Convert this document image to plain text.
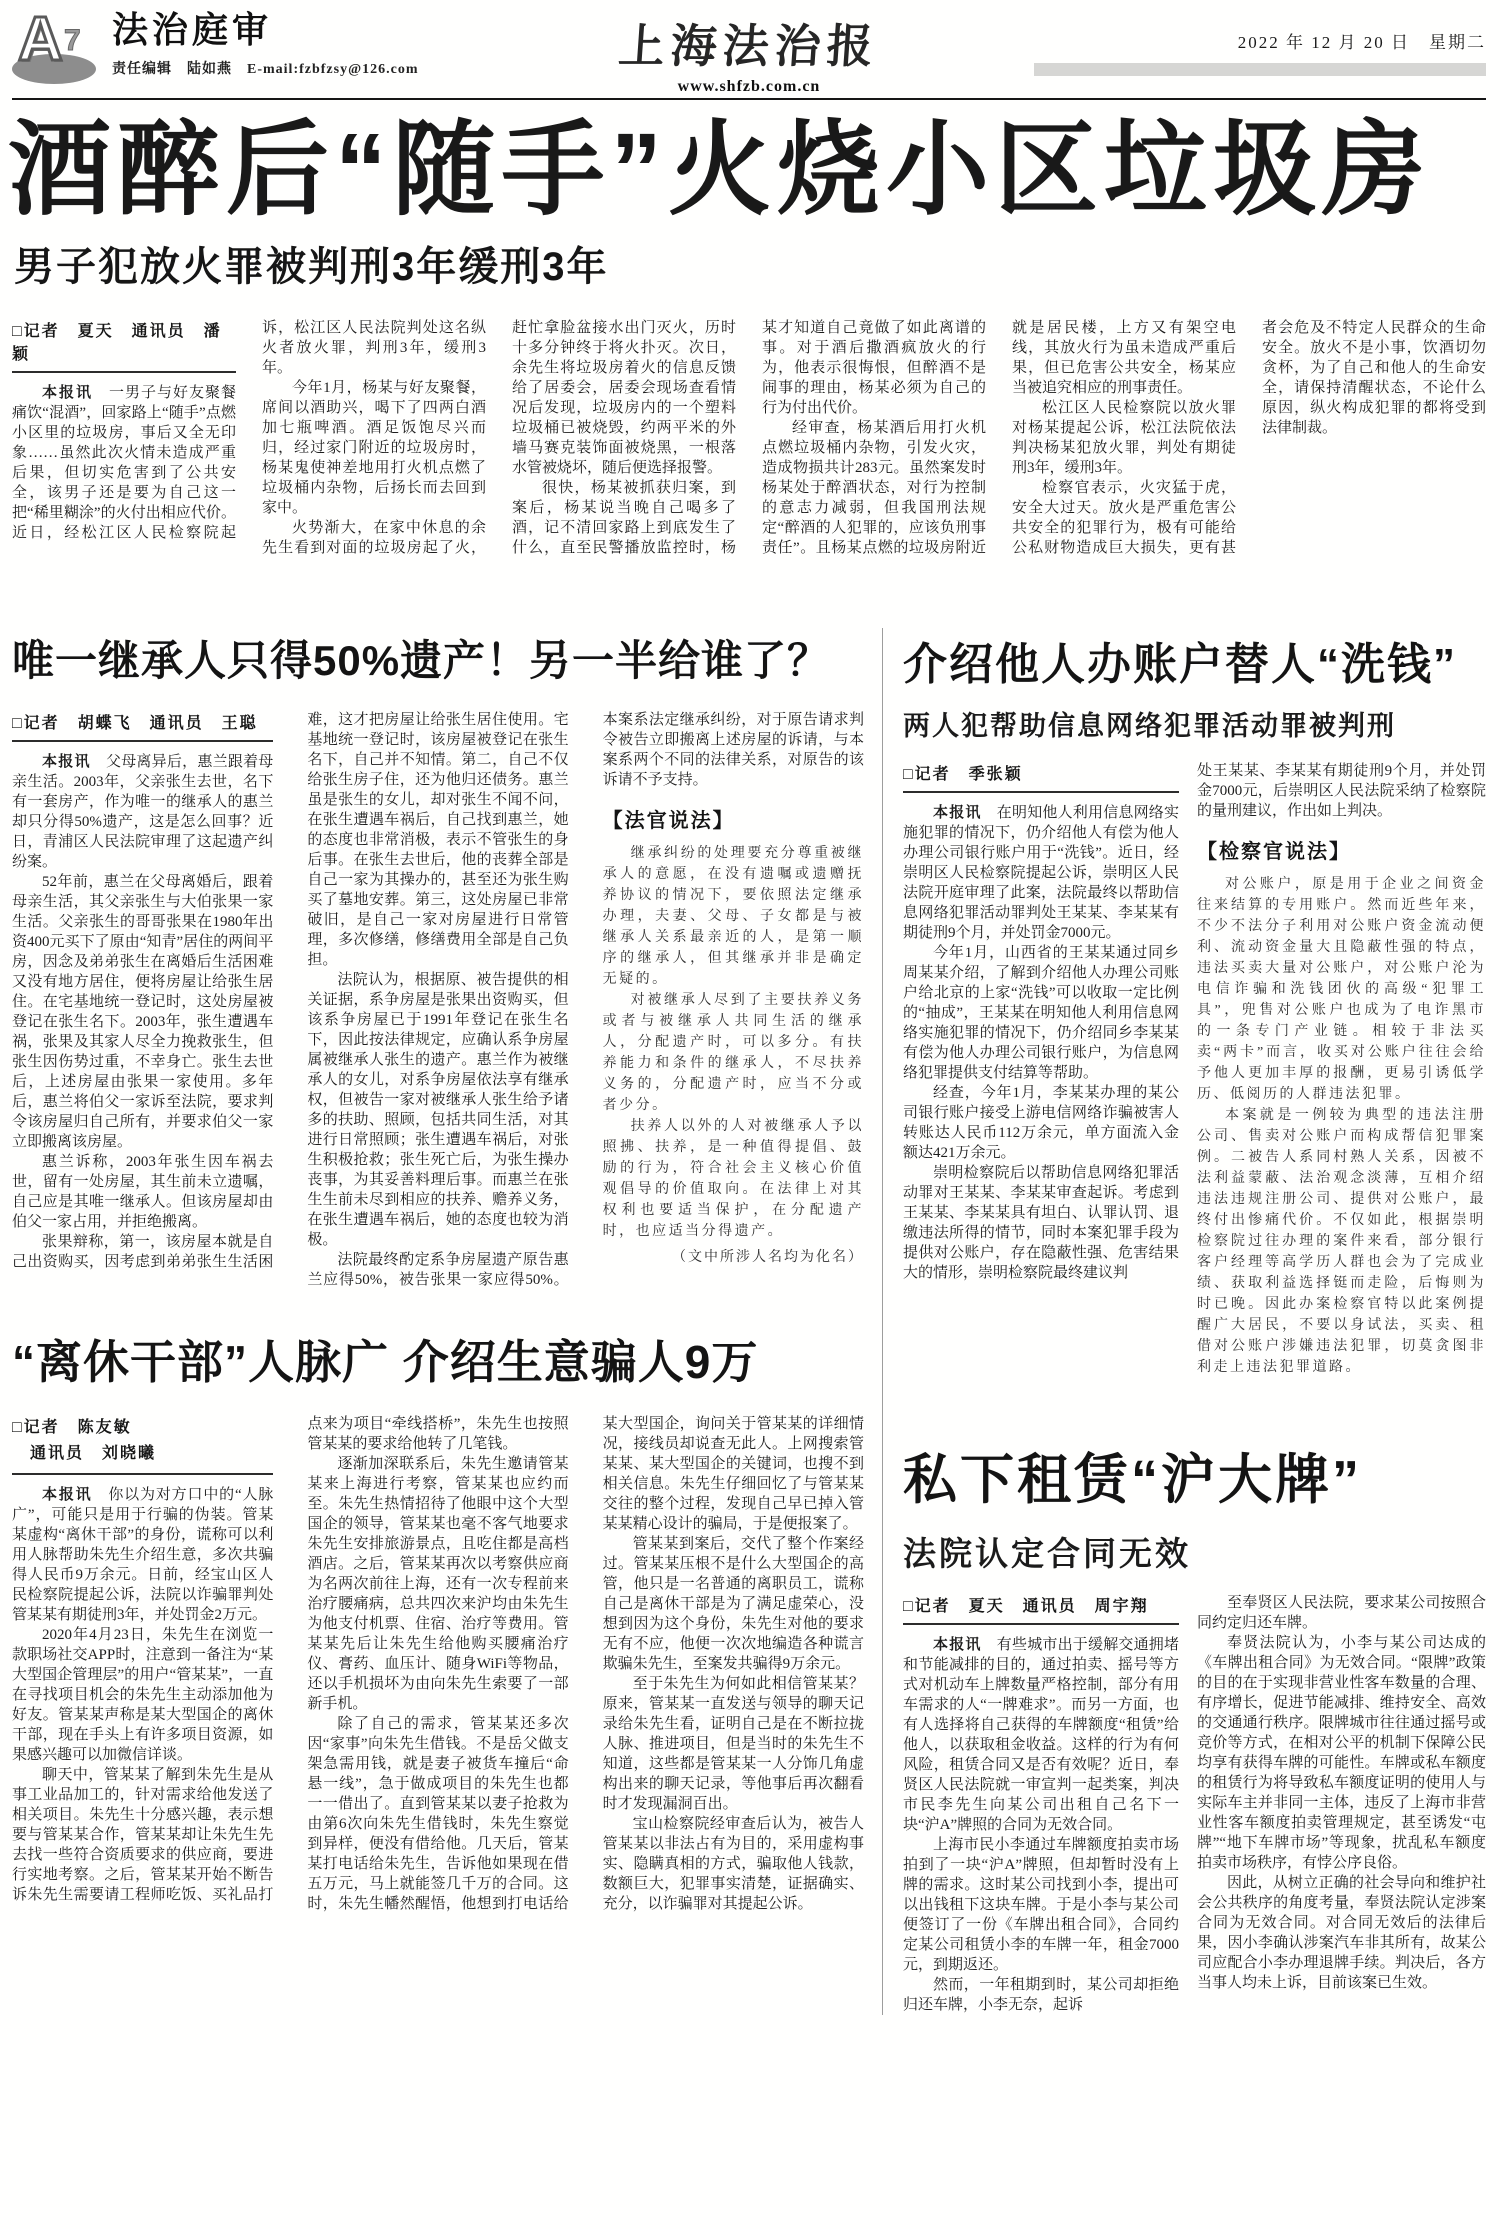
A 7 法治庭审
责任编辑　陆如燕　E-mail:fzbfzsy@126.com	上海法治报
www.shfzb.com.cn
2022 年 12 月 20 日　星期二
酒醉后“随手”火烧小区垃圾房
男子犯放火罪被判刑3年缓刑3年
□记者　夏天　通讯员　潘颖

本报讯　一男子与好友聚餐痛饮“混酒”，回家路上“随手”点燃小区里的垃圾房，事后又全无印象……虽然此次火情未造成严重后果，但切实危害到了公共安全，该男子还是要为自己这一把“稀里糊涂”的火付出相应代价。近日，经松江区人民检察院起诉，松江区人民法院判处这名纵火者放火罪，判刑3年，缓刑3年。

今年1月，杨某与好友聚餐，席间以酒助兴，喝下了四两白酒加七瓶啤酒。酒足饭饱尽兴而归，经过家门附近的垃圾房时，杨某鬼使神差地用打火机点燃了垃圾桶内杂物，后扬长而去回到家中。

火势渐大，在家中休息的余先生看到对面的垃圾房起了火，赶忙拿脸盆接水出门灭火，历时十多分钟终于将火扑灭。次日，余先生将垃圾房着火的信息反馈给了居委会，居委会现场查看情况后发现，垃圾房内的一个塑料垃圾桶已被烧毁，约两平米的外墙马赛克装饰面被烧黑，一根落水管被烧坏，随后便选择报警。

很快，杨某被抓获归案，到案后，杨某说当晚自己喝多了酒，记不清回家路上到底发生了什么，直至民警播放监控时，杨某才知道自己竟做了如此离谱的事。对于酒后撒酒疯放火的行为，他表示很悔恨，但醉酒不是闹事的理由，杨某必须为自己的行为付出代价。

经审查，杨某酒后用打火机点燃垃圾桶内杂物，引发火灾，造成物损共计283元。虽然案发时杨某处于醉酒状态，对行为控制的意志力减弱，但我国刑法规定“醉酒的人犯罪的，应该负刑事责任”。且杨某点燃的垃圾房附近就是居民楼，上方又有架空电线，其放火行为虽未造成严重后果，但已危害公共安全，杨某应当被追究相应的刑事责任。

松江区人民检察院以放火罪对杨某提起公诉，松江法院依法判决杨某犯放火罪，判处有期徒刑3年，缓刑3年。

检察官表示，火灾猛于虎，安全大过天。放火是严重危害公共安全的犯罪行为，极有可能给公私财物造成巨大损失，更有甚者会危及不特定人民群众的生命安全。放火不是小事，饮酒切勿贪杯，为了自己和他人的生命安全，请保持清醒状态，不论什么原因，纵火构成犯罪的都将受到法律制裁。

唯一继承人只得50%遗产！另一半给谁了？
□记者　胡蝶飞　通讯员　王聪

本报讯　父母离异后，惠兰跟着母亲生活。2003年，父亲张生去世，名下有一套房产，作为唯一的继承人的惠兰却只分得50%遗产，这是怎么回事？近日，青浦区人民法院审理了这起遗产纠纷案。

52年前，惠兰在父母离婚后，跟着母亲生活，其父亲张生与大伯张果一家生活。父亲张生的哥哥张果在1980年出资400元买下了原由“知青”居住的两间平房，因念及弟弟张生在离婚后生活困难又没有地方居住，便将房屋让给张生居住。在宅基地统一登记时，这处房屋被登记在张生名下。2003年，张生遭遇车祸，张果及其家人尽全力挽救张生，但张生因伤势过重，不幸身亡。张生去世后，上述房屋由张果一家使用。多年后，惠兰将伯父一家诉至法院，要求判令该房屋归自己所有，并要求伯父一家立即搬离该房屋。

惠兰诉称，2003年张生因车祸去世，留有一处房屋，其生前未立遗嘱，自己应是其唯一继承人。但该房屋却由伯父一家占用，并拒绝搬离。

张果辩称，第一，该房屋本就是自己出资购买，因考虑到弟弟张生生活困难，这才把房屋让给张生居住使用。宅基地统一登记时，该房屋被登记在张生名下，自己并不知情。第二，自己不仅给张生房子住，还为他归还债务。惠兰虽是张生的女儿，却对张生不闻不问，在张生遭遇车祸后，自己找到惠兰，她的态度也非常消极，表示不管张生的身后事。在张生去世后，他的丧葬全部是自己一家为其操办的，甚至还为张生购买了墓地安葬。第三，这处房屋已非常破旧，是自己一家对房屋进行日常管理，多次修缮，修缮费用全部是自己负担。

法院认为，根据原、被告提供的相关证据，系争房屋是张果出资购买，但该系争房屋已于1991年登记在张生名下，因此按法律规定，应确认系争房屋属被继承人张生的遗产。惠兰作为被继承人的女儿，对系争房屋依法享有继承权，但被告一家对被继承人张生给予诸多的扶助、照顾，包括共同生活，对其进行日常照顾；张生遭遇车祸后，对张生积极抢救；张生死亡后，为张生操办丧事，为其妥善料理后事。而惠兰在张生生前未尽到相应的扶养、赡养义务，在张生遭遇车祸后，她的态度也较为消极。

法院最终酌定系争房屋遗产原告惠兰应得50%，被告张果一家应得50%。本案系法定继承纠纷，对于原告请求判令被告立即搬离上述房屋的诉请，与本案系两个不同的法律关系，对原告的该诉请不予支持。

【法官说法】

继承纠纷的处理要充分尊重被继承人的意愿，在没有遗嘱或遗赠抚养协议的情况下，要依照法定继承办理，夫妻、父母、子女都是与被继承人关系最亲近的人，是第一顺序的继承人，但其继承并非是确定无疑的。

对被继承人尽到了主要扶养义务或者与被继承人共同生活的继承人，分配遗产时，可以多分。有扶养能力和条件的继承人，不尽扶养义务的，分配遗产时，应当不分或者少分。

扶养人以外的人对被继承人予以照拂、扶养，是一种值得提倡、鼓励的行为，符合社会主义核心价值观倡导的价值取向。在法律上对其权利也要适当保护，在分配遗产时，也应适当分得遗产。

（文中所涉人名均为化名）
“离休干部”人脉广 介绍生意骗人9万

□记者　陈友敏

　通讯员　刘晓曦

本报讯　你以为对方口中的“人脉广”，可能只是用于行骗的伪装。管某某虚构“离休干部”的身份，谎称可以利用人脉帮助朱先生介绍生意，多次共骗得人民币9万余元。日前，经宝山区人民检察院提起公诉，法院以诈骗罪判处管某某有期徒刑3年，并处罚金2万元。

2020年4月23日，朱先生在浏览一款职场社交APP时，注意到一备注为“某大型国企管理层”的用户“管某某”，一直在寻找项目机会的朱先生主动添加他为好友。管某某声称是某大型国企的离休干部，现在手头上有许多项目资源，如果感兴趣可以加微信详谈。

聊天中，管某某了解到朱先生是从事工业品加工的，针对需求给他发送了相关项目。朱先生十分感兴趣，表示想要与管某某合作，管某某却让朱先生先去找一些符合资质要求的供应商，要进行实地考察。之后，管某某开始不断告诉朱先生需要请工程师吃饭、买礼品打点来为项目“牵线搭桥”，朱先生也按照管某某的要求给他转了几笔钱。

逐渐加深联系后，朱先生邀请管某某来上海进行考察，管某某也应约而至。朱先生热情招待了他眼中这个大型国企的领导，管某某也毫不客气地要求朱先生安排旅游景点，且吃住都是高档酒店。之后，管某某再次以考察供应商为名两次前往上海，还有一次专程前来治疗腰痛病，总共四次来沪均由朱先生为他支付机票、住宿、治疗等费用。管某某先后让朱先生给他购买腰痛治疗仪、膏药、血压计、随身WiFi等物品，还以手机损坏为由向朱先生索要了一部新手机。

除了自己的需求，管某某还多次因“家事”向朱先生借钱。不是岳父做支架急需用钱，就是妻子被货车撞后“命悬一线”，急于做成项目的朱先生也都一一借出了。直到管某某以妻子抢救为由第6次向朱先生借钱时，朱先生察觉到异样，便没有借给他。几天后，管某某打电话给朱先生，告诉他如果现在借五万元，马上就能签几千万的合同。这时，朱先生幡然醒悟，他想到打电话给某大型国企，询问关于管某某的详细情况，接线员却说查无此人。上网搜索管某某、某大型国企的关键词，也搜不到相关信息。朱先生仔细回忆了与管某某交往的整个过程，发现自己早已掉入管某某精心设计的骗局，于是便报案了。

管某某到案后，交代了整个作案经过。管某某压根不是什么大型国企的高管，他只是一名普通的离职员工，谎称自己是离休干部是为了满足虚荣心，没想到因为这个身份，朱先生对他的要求无有不应，他便一次次地编造各种谎言欺骗朱先生，至案发共骗得9万余元。

至于朱先生为何如此相信管某某？原来，管某某一直发送与领导的聊天记录给朱先生看，证明自己是在不断拉拢人脉、推进项目，但是当时的朱先生不知道，这些都是管某某一人分饰几角虚构出来的聊天记录，等他事后再次翻看时才发现漏洞百出。

宝山检察院经审查后认为，被告人管某某以非法占有为目的，采用虚构事实、隐瞒真相的方式，骗取他人钱款，数额巨大，犯罪事实清楚，证据确实、充分，以诈骗罪对其提起公诉。

介绍他人办账户替人“洗钱”
两人犯帮助信息网络犯罪活动罪被判刑
□记者　季张颖

本报讯　在明知他人利用信息网络实施犯罪的情况下，仍介绍他人有偿为他人办理公司银行账户用于“洗钱”。近日，经崇明区人民检察院提起公诉，崇明区人民法院开庭审理了此案，法院最终以帮助信息网络犯罪活动罪判处王某某、李某某有期徒刑9个月，并处罚金7000元。

今年1月，山西省的王某某通过同乡周某某介绍，了解到介绍他人办理公司账户给北京的上家“洗钱”可以收取一定比例的“抽成”，王某某在明知他人利用信息网络实施犯罪的情况下，仍介绍同乡李某某有偿为他人办理公司银行账户，为信息网络犯罪提供支付结算等帮助。

经查，今年1月，李某某办理的某公司银行账户接受上游电信网络诈骗被害人转账达人民币112万余元，单方面流入金额达421万余元。

崇明检察院后以帮助信息网络犯罪活动罪对王某某、李某某审查起诉。考虑到王某某、李某某具有坦白、认罪认罚、退缴违法所得的情节，同时本案犯罪手段为提供对公账户，存在隐蔽性强、危害结果大的情形，崇明检察院最终建议判

处王某某、李某某有期徒刑9个月，并处罚金7000元，后崇明区人民法院采纳了检察院的量刑建议，作出如上判决。

【检察官说法】

对公账户，原是用于企业之间资金往来结算的专用账户。然而近些年来，不少不法分子利用对公账户资金流动便利、流动资金量大且隐蔽性强的特点，违法买卖大量对公账户，对公账户沦为电信诈骗和洗钱团伙的高级“犯罪工具”，兜售对公账户也成为了电诈黑市的一条专门产业链。相较于非法买卖“两卡”而言，收买对公账户往往会给予他人更加丰厚的报酬，更易引诱低学历、低阅历的人群违法犯罪。

本案就是一例较为典型的违法注册公司、售卖对公账户而构成帮信犯罪案例。二被告人系同村熟人关系，因被不法利益蒙蔽、法治观念淡薄，互相介绍违法违规注册公司、提供对公账户，最终付出惨痛代价。不仅如此，根据崇明检察院过往办理的案件来看，部分银行客户经理等高学历人群也会为了完成业绩、获取利益选择铤而走险，后悔则为时已晚。因此办案检察官特以此案例提醒广大居民，不要以身试法，买卖、租借对公账户涉嫌违法犯罪，切莫贪图非利走上违法犯罪道路。

私下租赁“沪大牌”
法院认定合同无效
□记者　夏天　通讯员　周宇翔

本报讯　有些城市出于缓解交通拥堵和节能减排的目的，通过拍卖、摇号等方式对机动车上牌数量严格控制，部分有用车需求的人“一牌难求”。而另一方面，也有人选择将自己获得的车牌额度“租赁”给他人，以获取租金收益。这样的行为有何风险，租赁合同又是否有效呢？近日，奉贤区人民法院就一审宣判一起类案，判决市民李先生向某公司出租自己名下一块“沪A”牌照的合同为无效合同。

上海市民小李通过车牌额度拍卖市场拍到了一块“沪A”牌照，但却暂时没有上牌的需求。这时某公司找到小李，提出可以出钱租下这块车牌。于是小李与某公司便签订了一份《车牌出租合同》，合同约定某公司租赁小李的车牌一年，租金7000元，到期返还。

然而，一年租期到时，某公司却拒绝归还车牌，小李无奈，起诉

至奉贤区人民法院，要求某公司按照合同约定归还车牌。

奉贤法院认为，小李与某公司达成的《车牌出租合同》为无效合同。“限牌”政策的目的在于实现非营业性客车数量的合理、有序增长，促进节能减排、维持安全、高效的交通通行秩序。限牌城市往往通过摇号或竞价等方式，在相对公平的机制下保障公民均享有获得车牌的可能性。车牌或私车额度的租赁行为将导致私车额度证明的使用人与实际车主并非同一主体，违反了上海市非营业性客车额度拍卖管理规定，甚至诱发“屯牌”“地下车牌市场”等现象，扰乱私车额度拍卖市场秩序，有悖公序良俗。

因此，从树立正确的社会导向和维护社会公共秩序的角度考量，奉贤法院认定涉案合同为无效合同。对合同无效后的法律后果，因小李确认涉案汽车非其所有，故某公司应配合小李办理退牌手续。判决后，各方当事人均未上诉，目前该案已生效。
